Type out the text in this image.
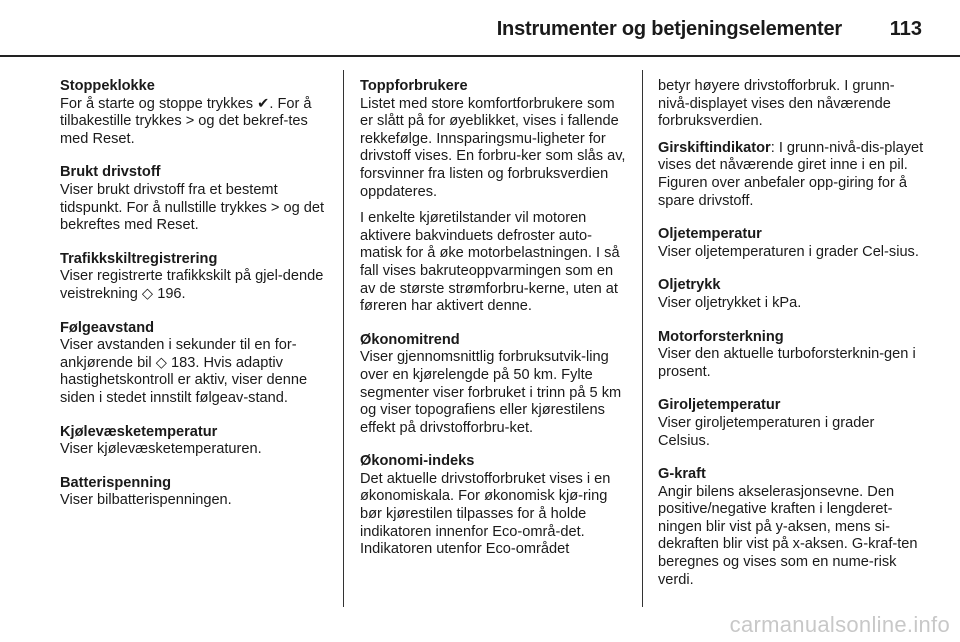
Instrumenter og betjeningselementer 113
Stoppeklokke
For å starte og stoppe trykkes ✔. For å tilbakestille trykkes > og det bekref-tes med Reset.
Brukt drivstoff
Viser brukt drivstoff fra et bestemt tidspunkt. For å nullstille trykkes > og det bekreftes med Reset.
Trafikkskiltregistrering
Viser registrerte trafikkskilt på gjel-dende veistrekning ◇ 196.
Følgeavstand
Viser avstanden i sekunder til en for-ankjørende bil ◇ 183. Hvis adaptiv hastighetskontroll er aktiv, viser denne siden i stedet innstilt følgeav-stand.
Kjølevæsketemperatur
Viser kjølevæsketemperaturen.
Batterispenning
Viser bilbatterispenningen.
Toppforbrukere

Listet med store komfortforbrukere som er slått på for øyeblikket, vises i fallende rekkefølge. Innsparingsmu-ligheter for drivstoff vises. En forbru-ker som slås av, forsvinner fra listen og forbruksverdien oppdateres.

I enkelte kjøretilstander vil motoren aktivere bakvinduets defroster auto-matisk for å øke motorbelastningen. I så fall vises bakruteoppvarmingen som en av de største strømforbru-kerne, uten at føreren har aktivert denne.

Økonomitrend
Viser gjennomsnittlig forbruksutvik-ling over en kjørelengde på 50 km. Fylte segmenter viser forbruket i trinn på 5 km og viser topografiens eller kjørestilens effekt på drivstofforbru-ket.
Økonomi-indeks
Det aktuelle drivstofforbruket vises i en økonomiskala. For økonomisk kjø-ring bør kjørestilen tilpasses for å holde indikatoren innenfor Eco-områ-det. Indikatoren utenfor Eco-området

betyr høyere drivstofforbruk. I grunn-nivå-displayet vises den nåværende forbruksverdien.

Girskiftindikator: I grunn-nivå-dis-playet vises det nåværende giret inne i en pil. Figuren over anbefaler opp-giring for å spare drivstoff.
Oljetemperatur
Viser oljetemperaturen i grader Cel-sius.
Oljetrykk
Viser oljetrykket i kPa.
Motorforsterkning
Viser den aktuelle turboforsterknin-gen i prosent.
Giroljetemperatur
Viser giroljetemperaturen i grader Celsius.
G-kraft
Angir bilens akselerasjonsevne. Den positive/negative kraften i lengderet-ningen blir vist på y-aksen, mens si-dekraften blir vist på x-aksen. G-kraf-ten beregnes og vises som en nume-risk verdi.
carmanualsonline.info
